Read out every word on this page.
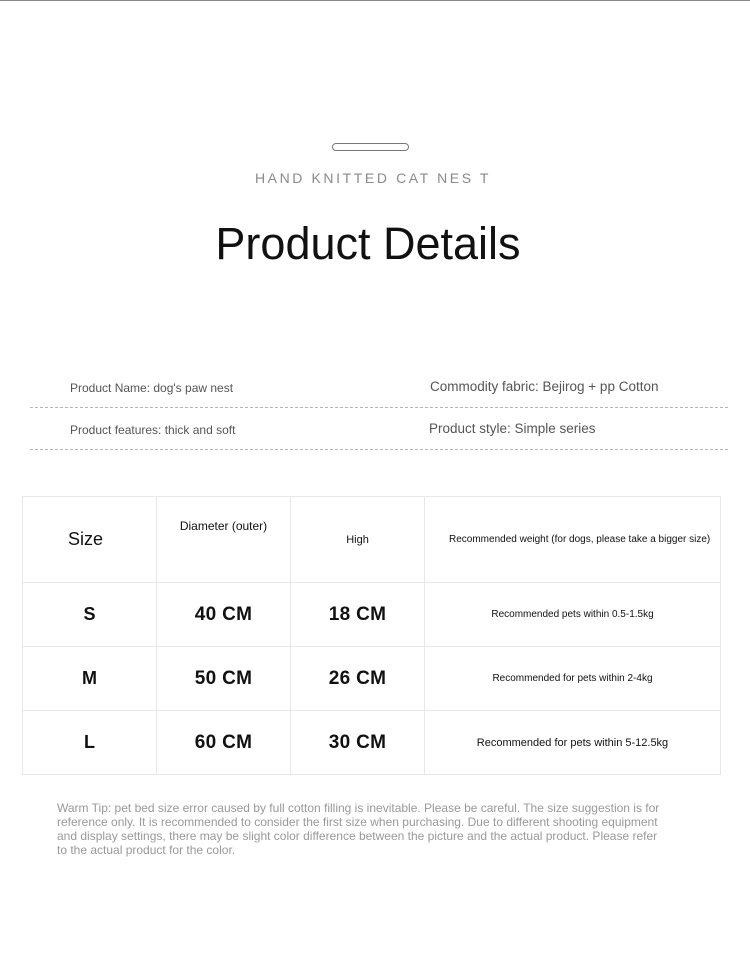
HAND KNITTED CAT NES T
Product Details
Product Name: dog's paw nest	Commodity fabric: Bejirog + pp Cotton
Product features: thick and soft	Product style: Simple series
Size	Diameter (outer)	High	Recommended weight (for dogs, please take a bigger size)
S	40 CM	18 CM	Recommended pets within 0.5-1.5kg
M	50 CM	26 CM	Recommended for pets within 2-4kg
L	60 CM	30 CM	Recommended for pets within 5-12.5kg
Warm Tip: pet bed size error caused by full cotton filling is inevitable. Please be careful. The size suggestion is for reference only. It is recommended to consider the first size when purchasing. Due to different shooting equipment and display settings, there may be slight color difference between the picture and the actual product. Please refer to the actual product for the color.
